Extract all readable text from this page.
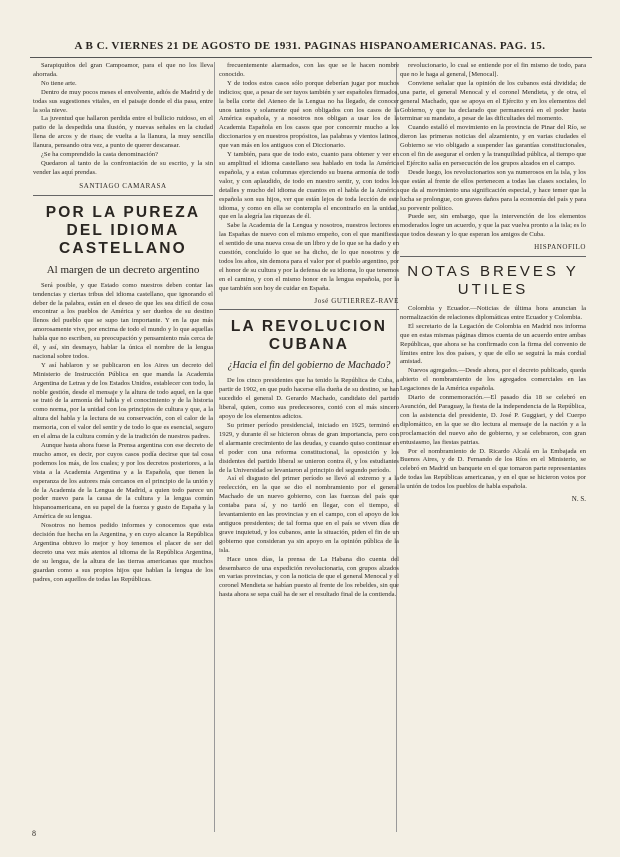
A B C. VIERNES 21 DE AGOSTO DE 1931. PAGINAS HISPANOAMERICANAS. PAG. 15.

Sarapiquiños del gran Campoamor, para el que no los lleva ahorrada.

No tiene arte.

Dentro de muy pocos meses el envolvente, adiós de Madrid y de todas sus sugestiones vitales, en el paisaje donde el dia pasa, entre la sola nieve.

La juventud que hallaron perdida entre el bullicio ruidoso, en el patio de la despedida una ilusión, y nuevas señales en la ciudad llena de arcos y de risas; de vuelta a la llanura, la muy sencilla llanura, pensando otra vez, a punto de querer descansar.

¿Se ha comprendido la casta denominación?

Quedaron al tanto de la confrontación de su escrito, y la sin vender las aquí prendas.

SANTIAGO CAMARASA
POR LA PUREZA DEL IDIOMA CASTELLANO
Al margen de un decreto argentino

Será posible, y que Estado como nuestros deben contar las tendencias y ciertas tribus del idioma castellano, que ignorando el deber de la palabra, están en el deseo de que les sea difícil de cosa encontrar a los pueblos de América y ser dueños de su destino llenos del pueblo que se supo tan importante. Y en la que más amorosamente vive, por encima de todo el mundo y lo que aquellas habla que no escriben, su preocupación y pensamiento más cerca de él, y así, sin desmayo, hablar la única el nombre de la lengua nacional sobre todos.

Y así hablaron y se publicaron en los Aires un decreto del Ministerio de Instrucción Pública en que manda la Academia Argentina de Letras y de los Estados Unidos, establecer con todo, la noble gestión, desde el mensaje y la altura de todo aquel, en la que se trató de la armonía del habla y el conocimiento y de la historia como norma, por la unidad con los principios de cultura y que, a la altura del habla y la lectura de su conservación, con el calor de la memoria, con el valor del sentir y de todo lo que es esencial, seguro en el alma de la cultura común y de la tradición de nuestros padres.

Aunque hasta ahora fuese la Prensa argentina con ese decreto de mucho amor, es decir, por cuyos casos podía decirse que tal cosa podemos los más, de los cuales; y por los decretos posteriores, a la vista a la Academia Argentina y a la Española, que tienen la esperanza de los autores más cercanos en el principio de la unión y de la Academia de la Lengua de Madrid, a quien todo parece un poder nuevo para la causa de la cultura y la lengua común hispanoamericana, en su papel de la fuerza y gusto de España y la América de su lengua.

Nosotros no hemos pedido informes y conocemos que esta decisión fue hecha en la Argentina, y en cuyo alcance la República Argentina obtuvo lo mejor y hoy tenemos el placer de ser del decreto una vez más atentos al idioma de la República Argentina, de su lengua, de la altura de las tierras americanas que muchos guardan como a sus propios hijos que hablan la lengua de los padres, con aquellos de todas las Repúblicas.

frecuentemente alarmados, con las que se le hacen nombre conocido.

Y de todos estos casos sólo porque deberían jugar por muchos indicios; que, a pesar de ser tuyos también y ser españoles firmados, la bella corte del Ateneo de la Lengua no ha llegado, de conocer unos tantos y solamente qué son obligados con los casos de la América española, y a nosotros nos obligan a usar los de la Academia Española en los casos que por concernir mucho a los diccionarios y en nuestros propósitos, las palabras y vientos latinos, que van más en los antiguos con el Diccionario.

Y también, para que de todo esto, cuanto para obtener y ver en su amplitud el idioma castellano sea hablado en toda la América española, y a estas columnas ejerciendo su buena armonía de todo valor, y con aplaudido, de todo en nuestro sentir, y, con todos los detalles y mucho del idioma de cuantos en el habla de la América española son sus hijos, ver que están lejos de toda lección de este idioma, y como en ella se contempla el encontrarlo en la unidad, que en la alegría las riquezas de él.

Sabe la Academia de la Lengua y nosotros, nuestros lectores en las Españas de nuevo con el mismo empeño, con el que manifiesta el sentido de una nueva cosa de un libro y de lo que se ha dado y en cuestión, concluído lo que se ha dicho, de lo que nosotros y de todos los años, sin demora para el valor por el pueblo argentino, por el honor de su cultura y por la defensa de su idioma, lo que tenemos en el camino, y con el mismo honor en la lengua española, por la que también son hoy de cuidar en España.

José GUTIERREZ-RAVE
LA REVOLUCION CUBANA
¿Hacia el fin del gobierno de Machado?

De los cinco presidentes que ha tenido la República de Cuba, a partir de 1902, en que pudo hacerse ella dueña de su destino, se han sucedido el general D. Gerardo Machado, candidato del partido liberal, quien, como sus predecesores, contó con el más sincero apoyo de los elementos adictos.

Su primer período presidencial, iniciado en 1925, terminó en 1929, y durante él se hicieron obras de gran importancia, pero con el alarmante crecimiento de las deudas, y cuando quiso continuar en el poder con una reforma constitucional, la oposición y los disidentes del partido liberal se unieron contra él, y los estudiantes de la Universidad se levantaron al principio del segundo período.

Así el disgusto del primer período se llevó al extremo y a la reelección, en la que se dio el nombramiento por el general Machado de un nuevo gobierno, con las fuerzas del país que contaba para sí, y no tardó en llegar, con el tiempo, el levantamiento en las provincias y en el campo, con el apoyo de los antiguos presidentes; de tal forma que en el país se viven días de grave inquietud, y los cubanos, ante la situación, piden el fin de un gobierno que consideran ya sin apoyo en la opinión pública de la isla.

Hace unos días, la prensa de La Habana dio cuenta del desembarco de una expedición revolucionaria, con grupos alzados en varias provincias, y con la noticia de que el general Menocal y el coronel Mendieta se habían puesto al frente de los rebeldes, sin que hasta ahora se sepa cuál ha de ser el resultado final de la contienda.

revolucionario, lo cual se entiende por el fin mismo de todo, para que no le haga al general, [Menocal].

Conviene señalar que la opinión de los cubanos está dividida; de una parte, el general Menocal y el coronel Mendieta, y de otra, el general Machado, que se apoya en el Ejército y en los elementos del Gobierno, y que ha declarado que permanecerá en el poder hasta terminar su mandato, a pesar de las dificultades del momento.

Cuando estalló el movimiento en la provincia de Pinar del Río, se dieron las primeras noticias del alzamiento, y en varias ciudades el Gobierno se vio obligado a suspender las garantías constitucionales, con el fin de asegurar el orden y la tranquilidad pública, al tiempo que el Ejército salía en persecución de los grupos alzados en el campo.

Desde luego, los revolucionarios son ya numerosos en la isla, y los que están al frente de ellos pertenecen a todas las clases sociales, lo que da al movimiento una significación especial, y hace temer que la lucha se prolongue, con graves daños para la economía del país y para su porvenir político.

Puede ser, sin embargo, que la intervención de los elementos moderados logre un acuerdo, y que la paz vuelva pronto a la isla; es lo que todos desean y lo que esperan los amigos de Cuba.

HISPANOFILO
NOTAS BREVES Y UTILES

Colombia y Ecuador.—Noticias de última hora anuncian la normalización de relaciones diplomáticas entre Ecuador y Colombia.

El secretario de la Legación de Colombia en Madrid nos informa que en estas mismas páginas dimos cuenta de un acuerdo entre ambas Repúblicas, que ahora se ha confirmado con la firma del convenio de límites entre los dos países, y que de ello se seguirá la más cordial amistad.

Nuevos agregados.—Desde ahora, por el decreto publicado, queda abierto el nombramiento de los agregados comerciales en las Legaciones de la América española.

Diario de conmemoración.—El pasado día 18 se celebró en Asunción, del Paraguay, la fiesta de la independencia de la República, con la asistencia del presidente, D. José P. Guggiari, y del Cuerpo diplomático, en la que se dio lectura al mensaje de la nación y a la proclamación del nuevo año de gobierno, y se celebraron, con gran entusiasmo, las fiestas patrias.

Por el nombramiento de D. Ricardo Alcalá en la Embajada en Buenos Aires, y de D. Fernando de los Ríos en el Ministerio, se celebró en Madrid un banquete en el que tomaron parte representantes de todas las Repúblicas americanas, y en el que se hicieron votos por la unión de todos los pueblos de habla española.

N. S.
8
